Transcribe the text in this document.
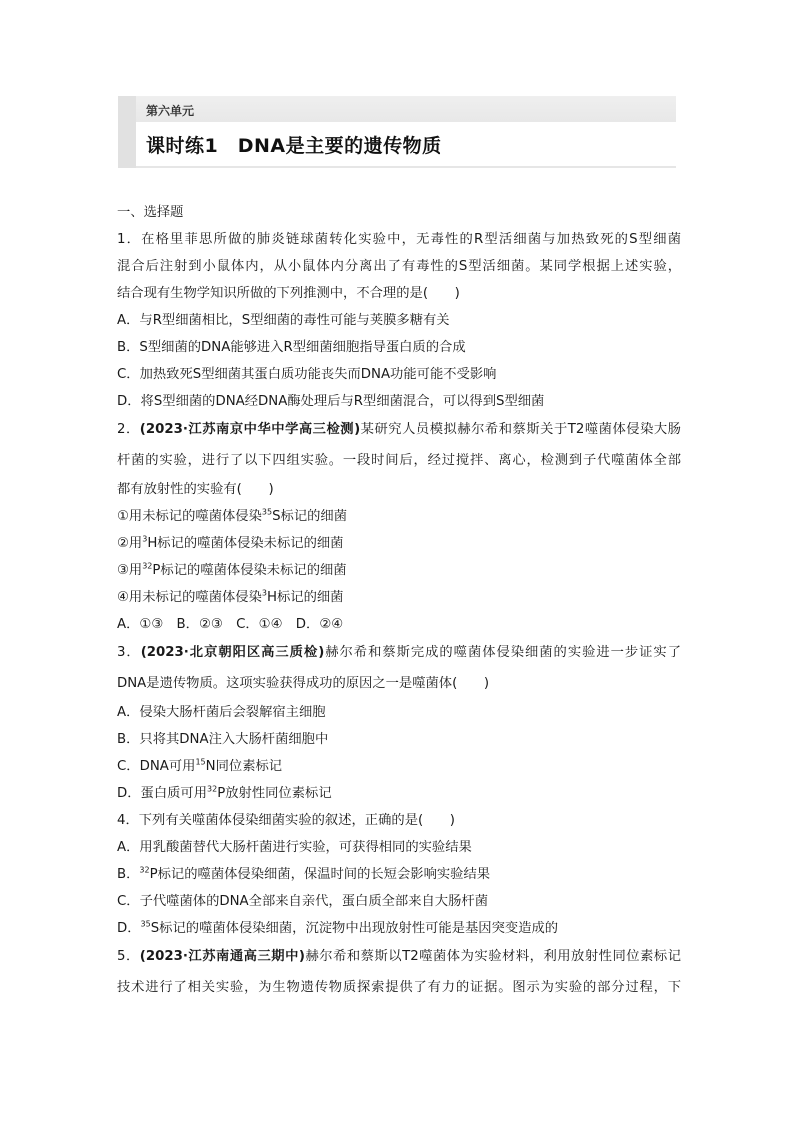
第六单元
课时练1　DNA是主要的遗传物质
一、选择题
1．在格里菲思所做的肺炎链球菌转化实验中，无毒性的R型活细菌与加热致死的S型细菌
混合后注射到小鼠体内，从小鼠体内分离出了有毒性的S型活细菌。某同学根据上述实验，
结合现有生物学知识所做的下列推测中，不合理的是(　　)
A．与R型细菌相比，S型细菌的毒性可能与荚膜多糖有关
B．S型细菌的DNA能够进入R型细菌细胞指导蛋白质的合成
C．加热致死S型细菌其蛋白质功能丧失而DNA功能可能不受影响
D．将S型细菌的DNA经DNA酶处理后与R型细菌混合，可以得到S型细菌
2．(2023·江苏南京中华中学高三检测)某研究人员模拟赫尔希和蔡斯关于T2噬菌体侵染大肠
杆菌的实验，进行了以下四组实验。一段时间后，经过搅拌、离心，检测到子代噬菌体全部
都有放射性的实验有(　　)
①用未标记的噬菌体侵染$^{35}$S标记的细菌
②用$^3$H标记的噬菌体侵染未标记的细菌
③用$^{32}$P标记的噬菌体侵染未标记的细菌
④用未标记的噬菌体侵染$^3$H标记的细菌
A．①③　B．②③　C．①④　D．②④
3．(2023·北京朝阳区高三质检)赫尔希和蔡斯完成的噬菌体侵染细菌的实验进一步证实了
DNA是遗传物质。这项实验获得成功的原因之一是噬菌体(　　)
A．侵染大肠杆菌后会裂解宿主细胞
B．只将其DNA注入大肠杆菌细胞中
C．DNA可用$^{15}$N同位素标记
D．蛋白质可用$^{32}$P放射性同位素标记
4．下列有关噬菌体侵染细菌实验的叙述，正确的是(　　)
A．用乳酸菌替代大肠杆菌进行实验，可获得相同的实验结果
B．$^{32}$P标记的噬菌体侵染细菌，保温时间的长短会影响实验结果
C．子代噬菌体的DNA全部来自亲代，蛋白质全部来自大肠杆菌
D．$^{35}$S标记的噬菌体侵染细菌，沉淀物中出现放射性可能是基因突变造成的
5．(2023·江苏南通高三期中)赫尔希和蔡斯以T2噬菌体为实验材料，利用放射性同位素标记
技术进行了相关实验，为生物遗传物质探索提供了有力的证据。图示为实验的部分过程，下
